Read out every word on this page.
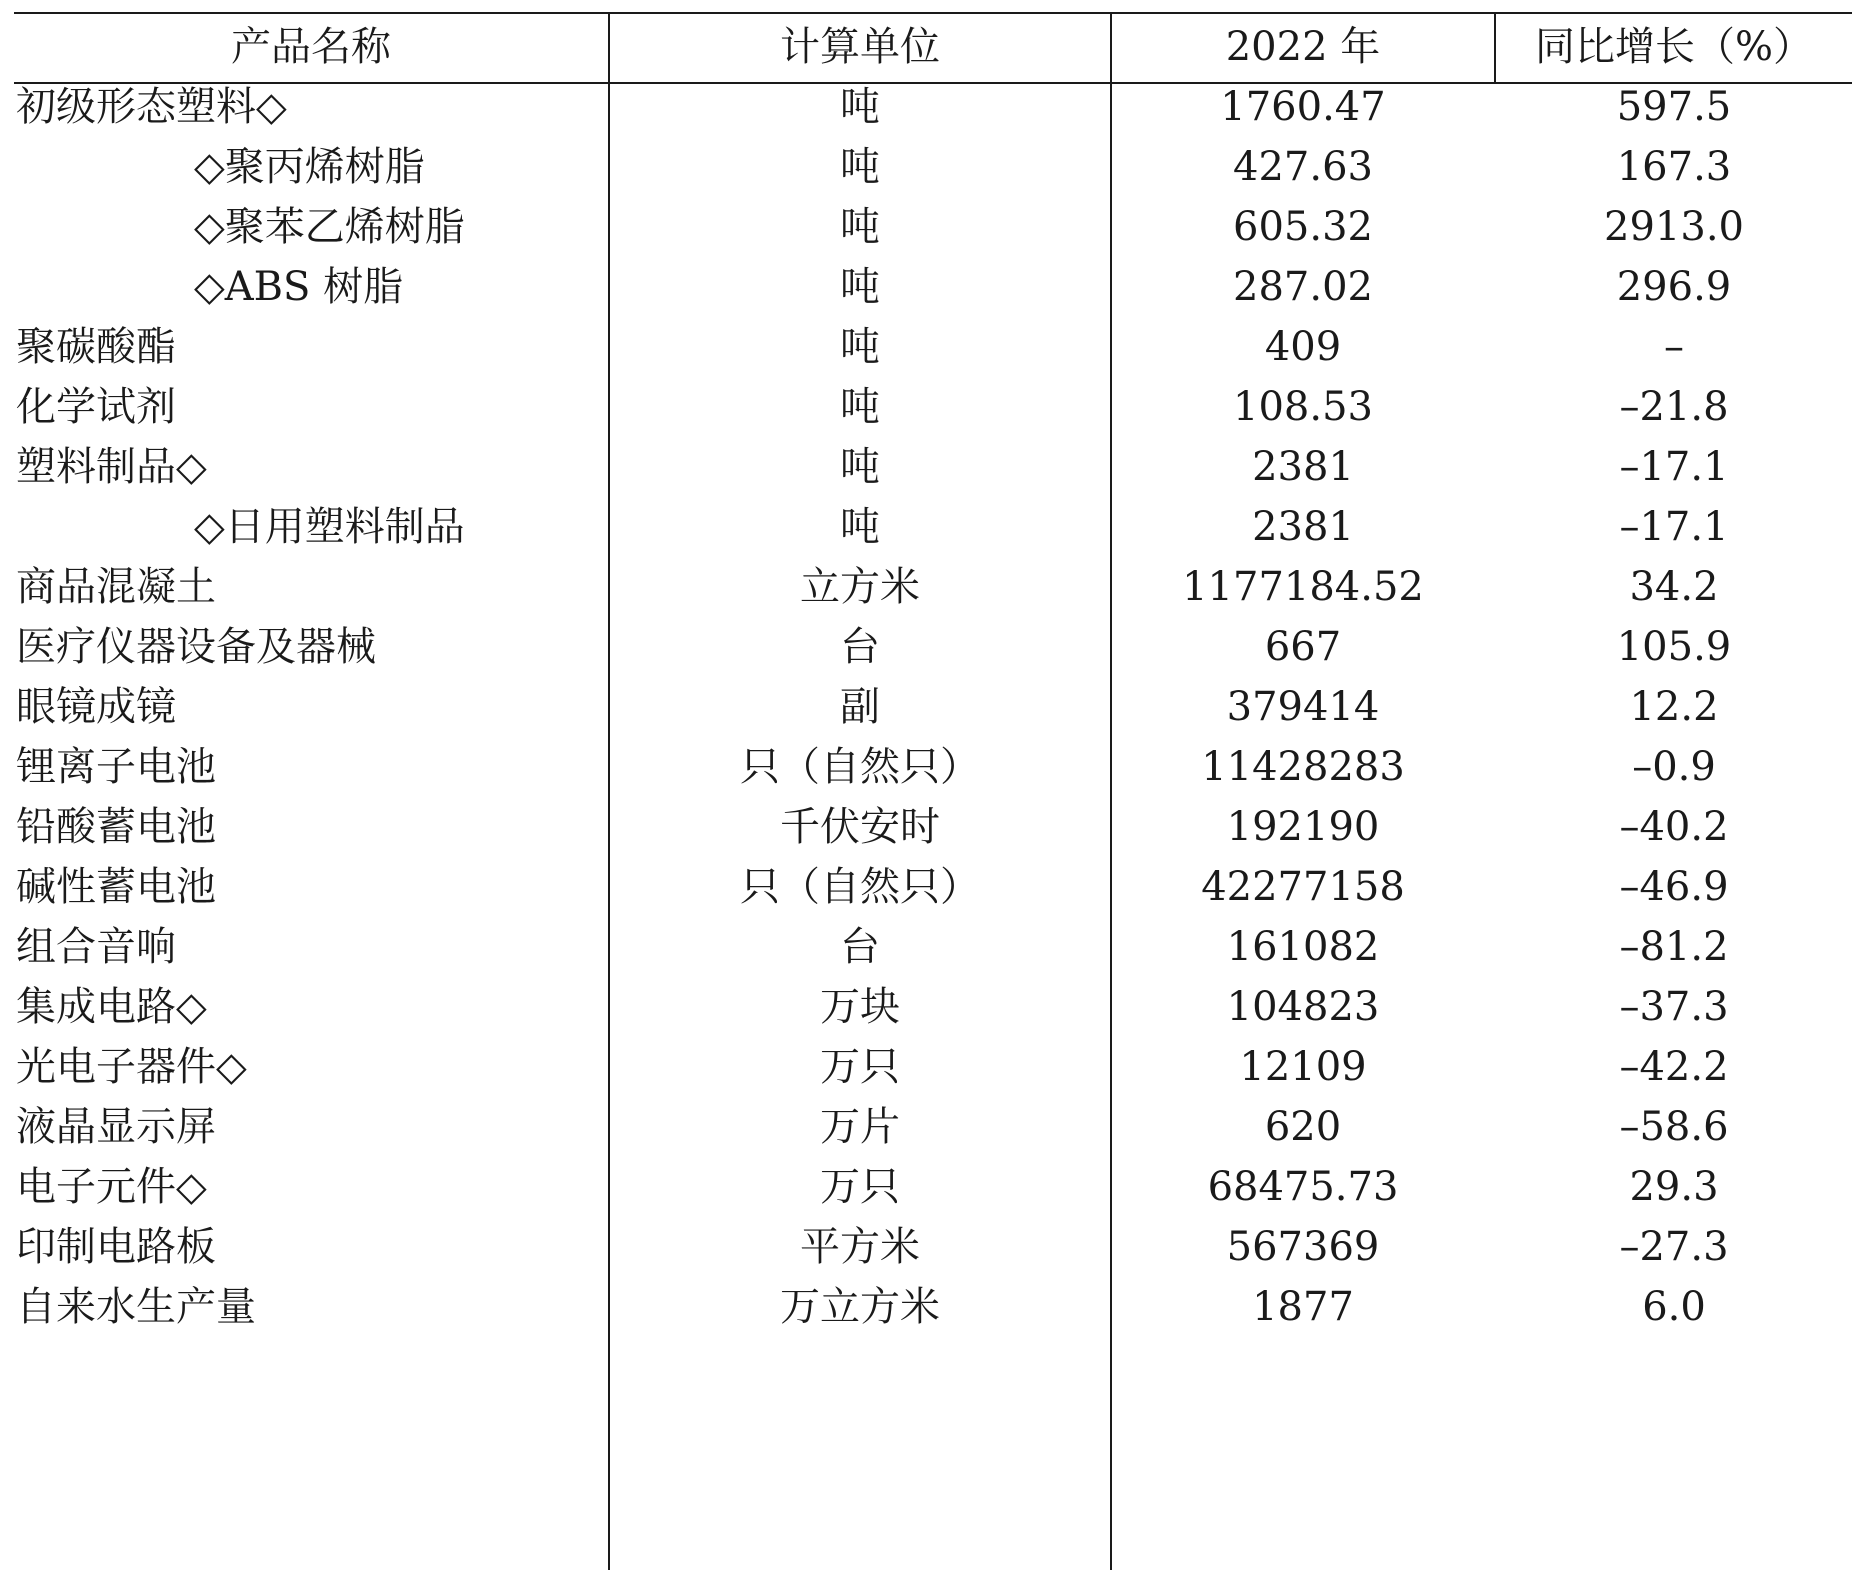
产品名称	计算单位	2022 年	同比增长（%）
初级形态塑料◇	吨	1760.47	597.5
◇聚丙烯树脂	吨	427.63	167.3
◇聚苯乙烯树脂	吨	605.32	2913.0
◇ABS 树脂	吨	287.02	296.9
聚碳酸酯	吨	409	–
化学试剂	吨	108.53	–21.8
塑料制品◇	吨	2381	–17.1
◇日用塑料制品	吨	2381	–17.1
商品混凝土	立方米	1177184.52	34.2
医疗仪器设备及器械	台	667	105.9
眼镜成镜	副	379414	12.2
锂离子电池	只（自然只）	11428283	–0.9
铅酸蓄电池	千伏安时	192190	–40.2
碱性蓄电池	只（自然只）	42277158	–46.9
组合音响	台	161082	–81.2
集成电路◇	万块	104823	–37.3
光电子器件◇	万只	12109	–42.2
液晶显示屏	万片	620	–58.6
电子元件◇	万只	68475.73	29.3
印制电路板	平方米	567369	–27.3
自来水生产量	万立方米	1877	6.0
